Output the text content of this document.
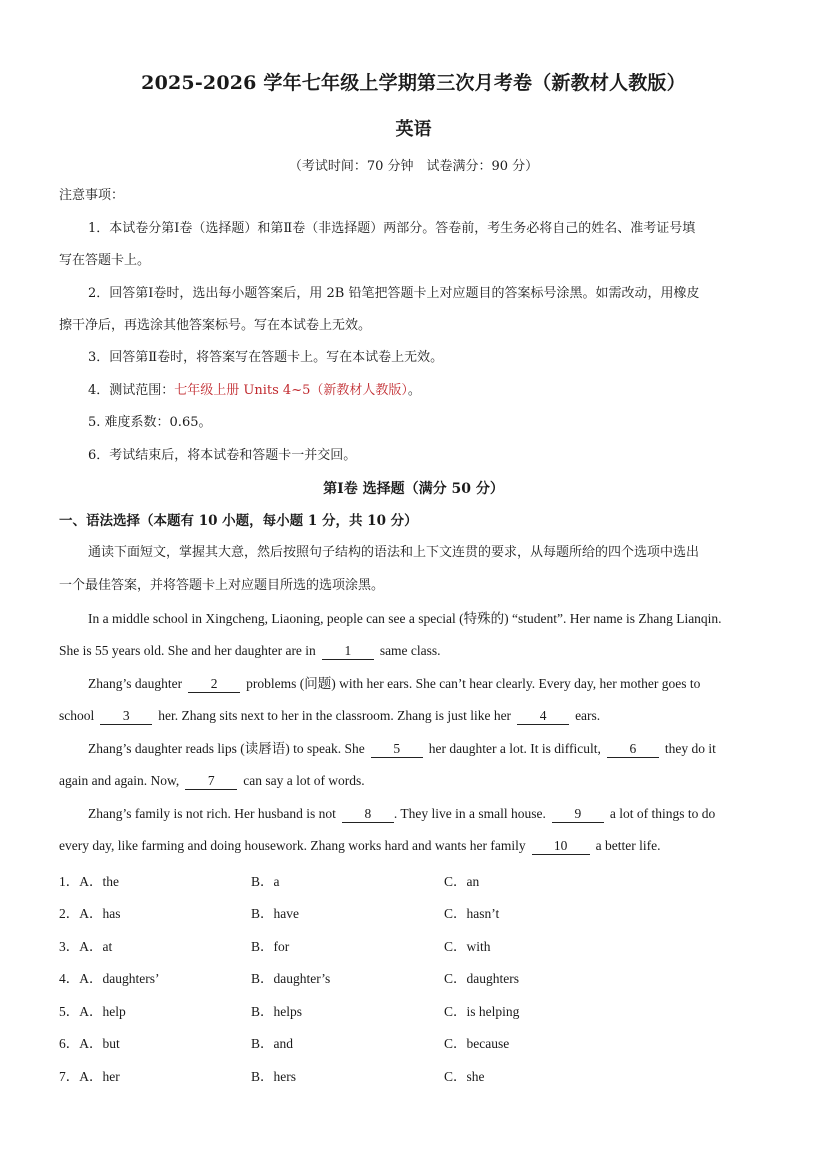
2025-2026 学年七年级上学期第三次月考卷（新教材人教版）
英语
（考试时间：70 分钟　试卷满分：90 分）
注意事项：
1．本试卷分第Ⅰ卷（选择题）和第Ⅱ卷（非选择题）两部分。答卷前，考生务必将自己的姓名、准考证号填
写在答题卡上。
2．回答第Ⅰ卷时，选出每小题答案后，用 2B 铅笔把答题卡上对应题目的答案标号涂黑。如需改动，用橡皮
擦干净后，再选涂其他答案标号。写在本试卷上无效。
3．回答第Ⅱ卷时，将答案写在答题卡上。写在本试卷上无效。
4．测试范围：七年级上册 Units 4~5（新教材人教版）。
5. 难度系数：0.65。
6．考试结束后，将本试卷和答题卡一并交回。
第Ⅰ卷 选择题（满分 50 分）
一、语法选择（本题有 10 小题，每小题 1 分，共 10 分）
通读下面短文，掌握其大意，然后按照句子结构的语法和上下文连贯的要求，从每题所给的四个选项中选出
一个最佳答案，并将答题卡上对应题目所选的选项涂黑。
In a middle school in Xingcheng, Liaoning, people can see a special (特殊的) “student”. Her name is Zhang Lianqin.
She is 55 years old. She and her daughter are in 1 same class.
Zhang’s daughter 2 problems (问题) with her ears. She can’t hear clearly. Every day, her mother goes to
school 3 her. Zhang sits next to her in the classroom. Zhang is just like her 4 ears.
Zhang’s daughter reads lips (读唇语) to speak. She 5 her daughter a lot. It is difficult, 6 they do it
again and again. Now, 7 can say a lot of words.
Zhang’s family is not rich. Her husband is not 8 . They live in a small house. 9 a lot of things to do
every day, like farming and doing housework. Zhang works hard and wants her family 10 a better life.
1．A．the	B．a	C．an
2．A．has	B．have	C．hasn’t
3．A．at	B．for	C．with
4．A．daughters’	B．daughter’s	C．daughters
5．A．help	B．helps	C．is helping
6．A．but	B．and	C．because
7．A．her	B．hers	C．she
